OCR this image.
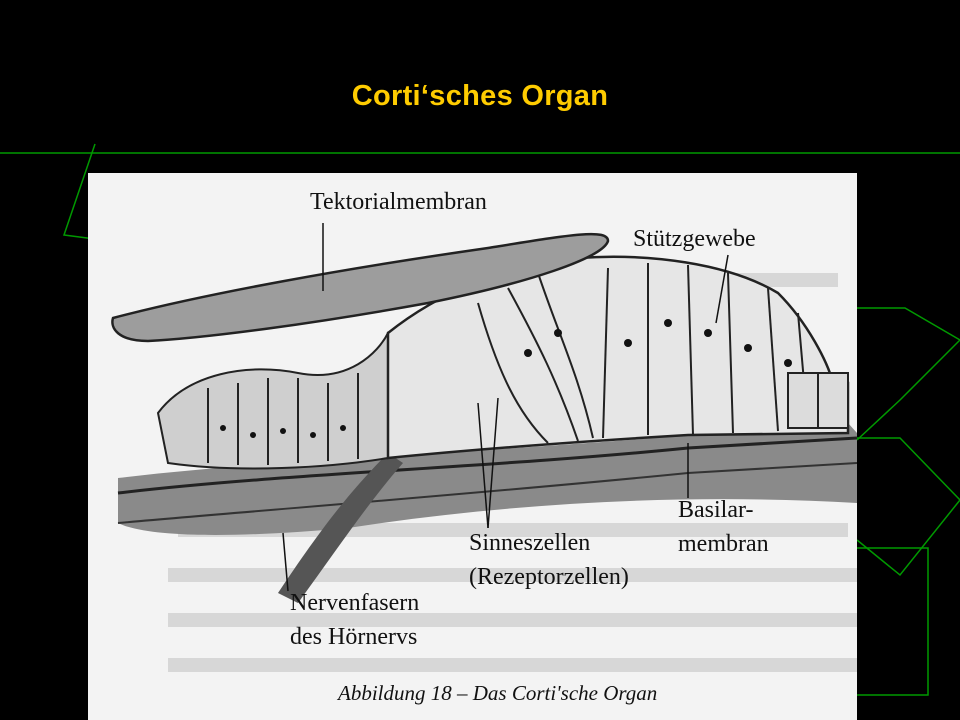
Corti‘sches Organ
Tektorialmembran
Stützgewebe
Sinneszellen
(Rezeptorzellen)
Basilar-
membran
Nervenfasern
des Hörnervs
Abbildung 18 – Das Corti'sche Organ
